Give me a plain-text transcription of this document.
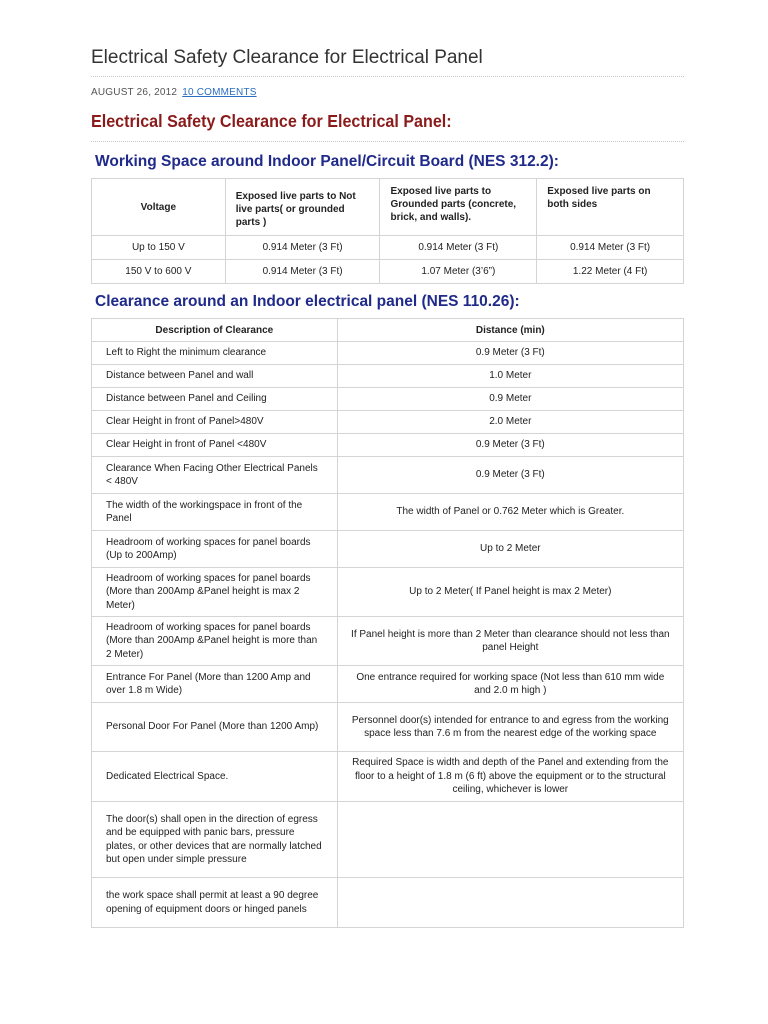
Electrical Safety Clearance for Electrical Panel
AUGUST 26, 2012 10 COMMENTS
Electrical Safety Clearance for Electrical Panel:
Working Space around Indoor Panel/Circuit Board (NES 312.2):
Voltage	Exposed live parts to Not live parts( or grounded parts )	Exposed live parts to Grounded parts (concrete, brick, and walls).	Exposed live parts on both sides
Up to 150 V	0.914 Meter (3 Ft)	0.914 Meter (3 Ft)	0.914 Meter (3 Ft)
150 V to 600 V	0.914 Meter (3 Ft)	1.07 Meter (3’6”)	1.22 Meter (4 Ft)
Clearance around an Indoor electrical panel (NES 110.26):
Description of Clearance	Distance (min)
Left to Right the minimum clearance	0.9 Meter (3 Ft)
Distance between Panel and wall	1.0 Meter
Distance between Panel and Ceiling	0.9 Meter
Clear Height in front of Panel>480V	2.0 Meter
Clear Height in front of Panel <480V	0.9 Meter (3 Ft)
Clearance When Facing Other Electrical Panels < 480V	0.9 Meter (3 Ft)
The width of the workingspace in front of the Panel	The width of Panel or 0.762 Meter which is Greater.
Headroom of working spaces for panel boards (Up to 200Amp)	Up to 2 Meter
Headroom of working spaces for panel boards (More than 200Amp &Panel height is max 2 Meter)	Up to 2 Meter( If Panel height is max 2 Meter)
Headroom of working spaces for panel boards (More than 200Amp &Panel height is more than 2 Meter)	If Panel height is more than 2 Meter than clearance should not less than panel Height
Entrance For Panel (More than 1200 Amp and over 1.8 m Wide)	One entrance required for working space (Not less than 610 mm wide and 2.0 m high )
Personal Door For Panel (More than 1200 Amp)	Personnel door(s) intended for entrance to and egress from the working space less than 7.6 m from the nearest edge of the working space
Dedicated Electrical Space.	Required Space is width and depth of the Panel and extending from the floor to a height of 1.8 m (6 ft) above the equipment or to the structural ceiling, whichever is lower
The door(s) shall open in the direction of egress and be equipped with panic bars, pressure plates, or other devices that are normally latched but open under simple pressure	
the work space shall permit at least a 90 degree opening of equipment doors or hinged panels	
